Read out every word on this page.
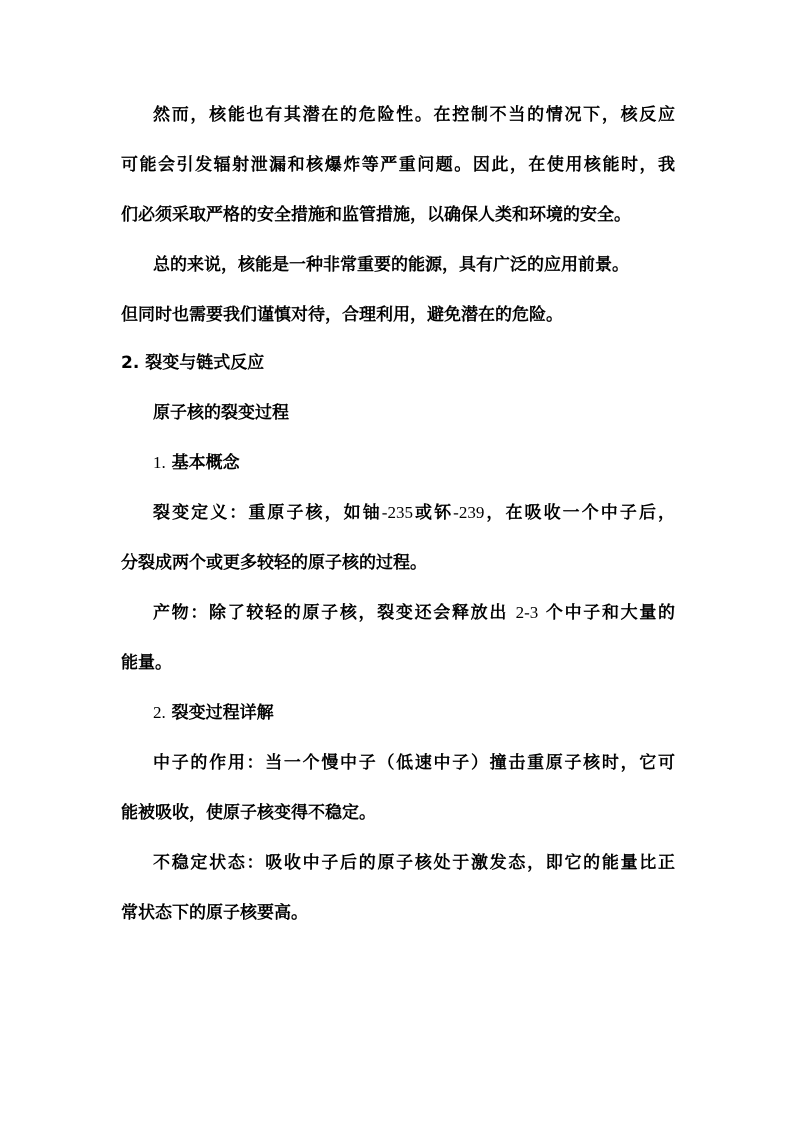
然而，核能也有其潜在的危险性。在控制不当的情况下，核反应
可能会引发辐射泄漏和核爆炸等严重问题。因此，在使用核能时，我
们必须采取严格的安全措施和监管措施，以确保人类和环境的安全。
总的来说，核能是一种非常重要的能源，具有广泛的应用前景。
但同时也需要我们谨慎对待，合理利用，避免潜在的危险。
2. 裂变与链式反应
原子核的裂变过程
1. 基本概念
裂变定义：重原子核，如铀-235或钚-239，在吸收一个中子后，
分裂成两个或更多较轻的原子核的过程。
产物：除了较轻的原子核，裂变还会释放出 2-3 个中子和大量的
能量。
2. 裂变过程详解
中子的作用：当一个慢中子（低速中子）撞击重原子核时，它可
能被吸收，使原子核变得不稳定。
不稳定状态：吸收中子后的原子核处于激发态，即它的能量比正
常状态下的原子核要高。
